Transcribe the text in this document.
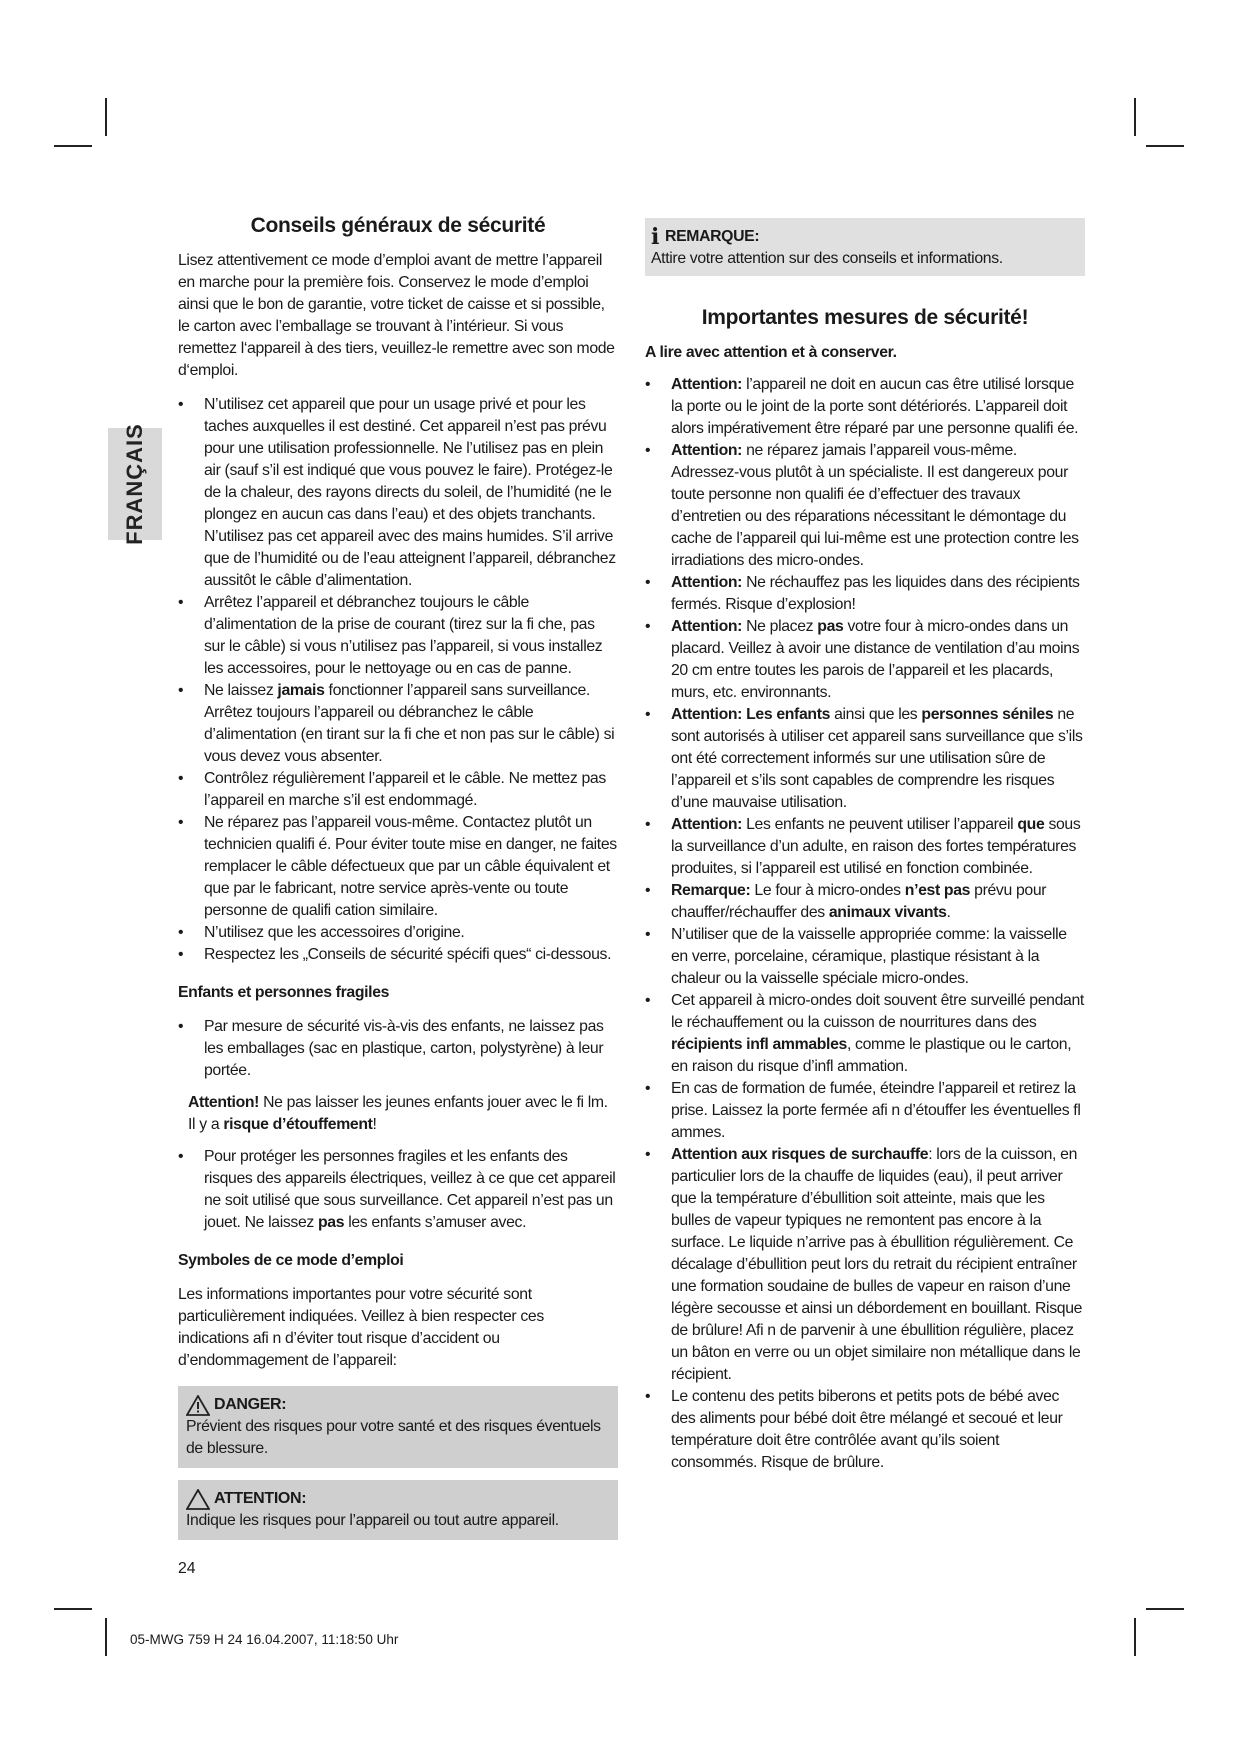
FRANÇAIS
Conseils généraux de sécurité

Lisez attentivement ce mode d’emploi avant de mettre l’appareil en marche pour la première fois. Conservez le mode d’emploi ainsi que le bon de garantie, votre ticket de caisse et si possible, le carton avec l’emballage se trouvant à l’intérieur. Si vous remettez l‘appareil à des tiers, veuillez-le remettre avec son mode d‘emploi.

• N’utilisez cet appareil que pour un usage privé et pour les taches auxquelles il est destiné. Cet appareil n’est pas prévu pour une utilisation professionnelle. Ne l’utilisez pas en plein air (sauf s’il est indiqué que vous pouvez le faire). Protégez-le de la chaleur, des rayons directs du soleil, de l’humidité (ne le plongez en aucun cas dans l’eau) et des objets tranchants. N’utilisez pas cet appareil avec des mains humides. S’il arrive que de l’humidité ou de l’eau atteignent l’appareil, débranchez aussitôt le câble d’alimentation.
• Arrêtez l’appareil et débranchez toujours le câble d’alimentation de la prise de courant (tirez sur la fi che, pas sur le câble) si vous n’utilisez pas l’appareil, si vous installez les accessoires, pour le nettoyage ou en cas de panne.
• Ne laissez jamais fonctionner l’appareil sans surveillance. Arrêtez toujours l’appareil ou débranchez le câble d’alimentation (en tirant sur la fi che et non pas sur le câble) si vous devez vous absenter.
• Contrôlez régulièrement l’appareil et le câble. Ne mettez pas l’appareil en marche s’il est endommagé.
• Ne réparez pas l’appareil vous-même. Contactez plutôt un technicien qualifi é. Pour éviter toute mise en danger, ne faites remplacer le câble défectueux que par un câble équivalent et que par le fabricant, notre service après-vente ou toute personne de qualifi cation similaire.
• N’utilisez que les accessoires d’origine.
• Respectez les „Conseils de sécurité spécifi ques“ ci-dessous.
Enfants et personnes fragiles
• Par mesure de sécurité vis-à-vis des enfants, ne laissez pas les emballages (sac en plastique, carton, polystyrène) à leur portée.

Attention! Ne pas laisser les jeunes enfants jouer avec le fi lm. Il y a risque d’étouffement!

• Pour protéger les personnes fragiles et les enfants des risques des appareils électriques, veillez à ce que cet appareil ne soit utilisé que sous surveillance. Cet appareil n’est pas un jouet. Ne laissez pas les enfants s’amuser avec.
Symboles de ce mode d’emploi

Les informations importantes pour votre sécurité sont particulièrement indiquées. Veillez à bien respecter ces indications afi n d’éviter tout risque d’accident ou d’endommagement de l’appareil:

DANGER:

Prévient des risques pour votre santé et des risques éventuels de blessure.

ATTENTION:

Indique les risques pour l’appareil ou tout autre appareil.

i REMARQUE:

Attire votre attention sur des conseils et informations.

Importantes mesures de sécurité!
A lire avec attention et à conserver.
• Attention: l’appareil ne doit en aucun cas être utilisé lorsque la porte ou le joint de la porte sont détériorés. L’appareil doit alors impérativement être réparé par une personne qualifi ée.
• Attention: ne réparez jamais l’appareil vous-même. Adressez-vous plutôt à un spécialiste. Il est dangereux pour toute personne non qualifi ée d’effectuer des travaux d’entretien ou des réparations nécessitant le démontage du cache de l’appareil qui lui-même est une protection contre les irradiations des micro-ondes.
• Attention: Ne réchauffez pas les liquides dans des récipients fermés. Risque d’explosion!
• Attention: Ne placez pas votre four à micro-ondes dans un placard. Veillez à avoir une distance de ventilation d’au moins 20 cm entre toutes les parois de l’appareil et les placards, murs, etc. environnants.
• Attention: Les enfants ainsi que les personnes séniles ne sont autorisés à utiliser cet appareil sans surveillance que s’ils ont été correctement informés sur une utilisation sûre de l’appareil et s’ils sont capables de comprendre les risques d’une mauvaise utilisation.
• Attention: Les enfants ne peuvent utiliser l’appareil que sous la surveillance d’un adulte, en raison des fortes températures produites, si l’appareil est utilisé en fonction combinée.
• Remarque: Le four à micro-ondes n’est pas prévu pour chauffer/réchauffer des animaux vivants.
• N’utiliser que de la vaisselle appropriée comme: la vaisselle en verre, porcelaine, céramique, plastique résistant à la chaleur ou la vaisselle spéciale micro-ondes.
• Cet appareil à micro-ondes doit souvent être surveillé pendant le réchauffement ou la cuisson de nourritures dans des récipients infl ammables, comme le plastique ou le carton, en raison du risque d’infl ammation.
• En cas de formation de fumée, éteindre l’appareil et retirez la prise. Laissez la porte fermée afi n d’étouffer les éventuelles fl ammes.
• Attention aux risques de surchauffe: lors de la cuisson, en particulier lors de la chauffe de liquides (eau), il peut arriver que la température d’ébullition soit atteinte, mais que les bulles de vapeur typiques ne remontent pas encore à la surface. Le liquide n’arrive pas à ébullition régulièrement. Ce décalage d’ébullition peut lors du retrait du récipient entraîner une formation soudaine de bulles de vapeur en raison d’une légère secousse et ainsi un débordement en bouillant. Risque de brûlure! Afi n de parvenir à une ébullition régulière, placez un bâton en verre ou un objet similaire non métallique dans le récipient.
• Le contenu des petits biberons et petits pots de bébé avec des aliments pour bébé doit être mélangé et secoué et leur température doit être contrôlée avant qu’ils soient consommés. Risque de brûlure.
24
05-MWG 759 H 24 16.04.2007, 11:18:50 Uhr
